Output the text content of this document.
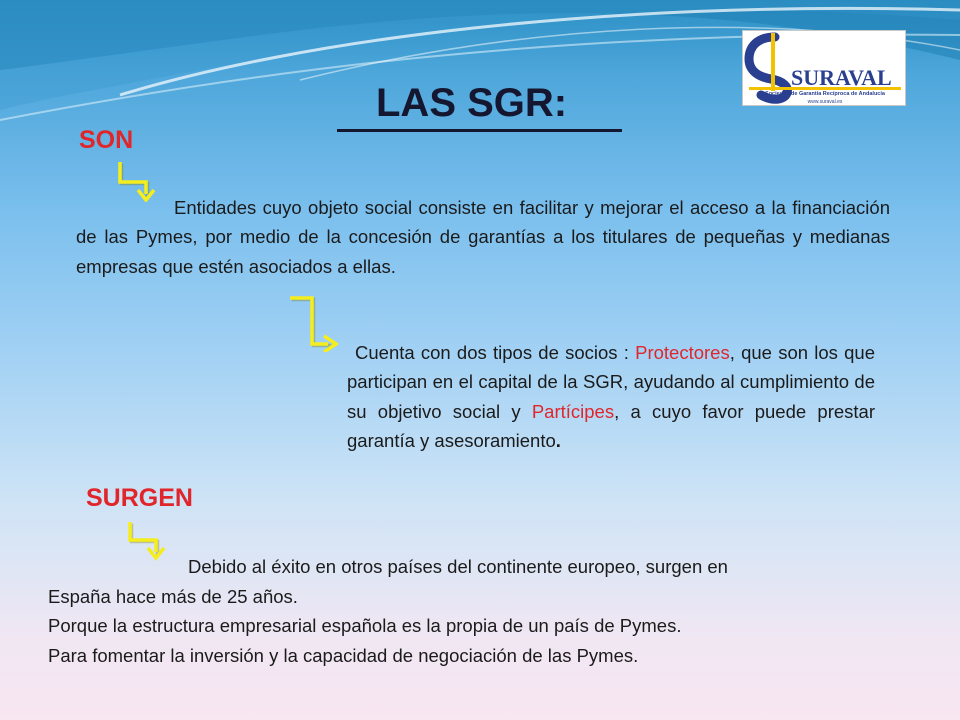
SURAVAL
Sociedad de Garantía Recíproca de Andalucía
www.suraval.es
LAS SGR:
SON

Entidades cuyo objeto social consiste en facilitar y mejorar el acceso a la financiación de las Pymes, por medio de la concesión de garantías a los titulares de pequeñas y medianas empresas que estén asociados a ellas.

Cuenta con dos tipos de socios : Protectores, que son los que participan en el capital de la SGR, ayudando al cumplimiento de su objetivo social y Partícipes, a cuyo favor puede prestar garantía y asesoramiento.

SURGEN
Debido al éxito en otros países del continente europeo, surgen en
España hace más de 25 años.
Porque la estructura empresarial española es la propia de un país de Pymes.
Para fomentar la inversión y la capacidad de negociación de las Pymes.
